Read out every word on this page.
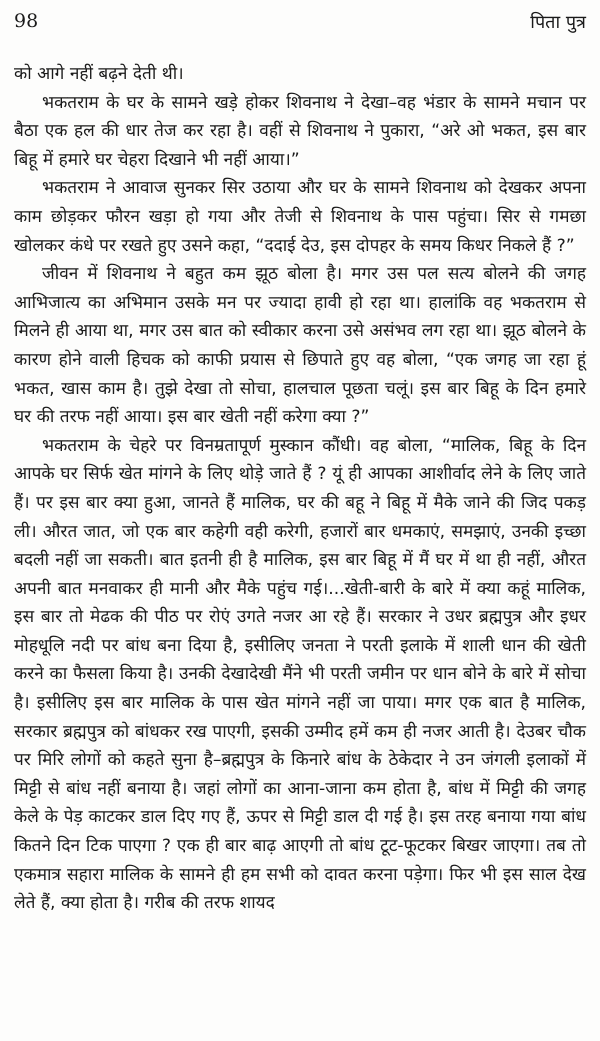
98	पिता पुत्र

को आगे नहीं बढ़ने देती थी।

भकतराम के घर के सामने खड़े होकर शिवनाथ ने देखा–वह भंडार के सामने मचान पर बैठा एक हल की धार तेज कर रहा है। वहीं से शिवनाथ ने पुकारा, “अरे ओ भकत, इस बार बिहू में हमारे घर चेहरा दिखाने भी नहीं आया।”

भकतराम ने आवाज सुनकर सिर उठाया और घर के सामने शिवनाथ को देखकर अपना काम छोड़कर फौरन खड़ा हो गया और तेजी से शिवनाथ के पास पहुंचा। सिर से गमछा खोलकर कंधे पर रखते हुए उसने कहा, “ददाई देउ, इस दोपहर के समय किधर निकले हैं ?”

जीवन में शिवनाथ ने बहुत कम झूठ बोला है। मगर उस पल सत्य बोलने की जगह आभिजात्य का अभिमान उसके मन पर ज्यादा हावी हो रहा था। हालांकि वह भकतराम से मिलने ही आया था, मगर उस बात को स्वीकार करना उसे असंभव लग रहा था। झूठ बोलने के कारण होने वाली हिचक को काफी प्रयास से छिपाते हुए वह बोला, “एक जगह जा रहा हूं भकत, खास काम है। तुझे देखा तो सोचा, हालचाल पूछता चलूं। इस बार बिहू के दिन हमारे घर की तरफ नहीं आया। इस बार खेती नहीं करेगा क्या ?”

भकतराम के चेहरे पर विनम्रतापूर्ण मुस्कान कौंधी। वह बोला, “मालिक, बिहू के दिन आपके घर सिर्फ खेत मांगने के लिए थोड़े जाते हैं ? यूं ही आपका आशीर्वाद लेने के लिए जाते हैं। पर इस बार क्या हुआ, जानते हैं मालिक, घर की बहू ने बिहू में मैके जाने की जिद पकड़ ली। औरत जात, जो एक बार कहेगी वही करेगी, हजारों बार धमकाएं, समझाएं, उनकी इच्छा बदली नहीं जा सकती। बात इतनी ही है मालिक, इस बार बिहू में मैं घर में था ही नहीं, औरत अपनी बात मनवाकर ही मानी और मैके पहुंच गई।...खेती-बारी के बारे में क्या कहूं मालिक, इस बार तो मेढक की पीठ पर रोएं उगते नजर आ रहे हैं। सरकार ने उधर ब्रह्मपुत्र और इधर मोहधूलि नदी पर बांध बना दिया है, इसीलिए जनता ने परती इलाके में शाली धान की खेती करने का फैसला किया है। उनकी देखादेखी मैंने भी परती जमीन पर धान बोने के बारे में सोचा है। इसीलिए इस बार मालिक के पास खेत मांगने नहीं जा पाया। मगर एक बात है मालिक, सरकार ब्रह्मपुत्र को बांधकर रख पाएगी, इसकी उम्मीद हमें कम ही नजर आती है। देउबर चौक पर मिरि लोगों को कहते सुना है–ब्रह्मपुत्र के किनारे बांध के ठेकेदार ने उन जंगली इलाकों में मिट्टी से बांध नहीं बनाया है। जहां लोगों का आना-जाना कम होता है, बांध में मिट्टी की जगह केले के पेड़ काटकर डाल दिए गए हैं, ऊपर से मिट्टी डाल दी गई है। इस तरह बनाया गया बांध कितने दिन टिक पाएगा ? एक ही बार बाढ़ आएगी तो बांध टूट-फूटकर बिखर जाएगा। तब तो एकमात्र सहारा मालिक के सामने ही हम सभी को दावत करना पड़ेगा। फिर भी इस साल देख लेते हैं, क्या होता है। गरीब की तरफ शायद
